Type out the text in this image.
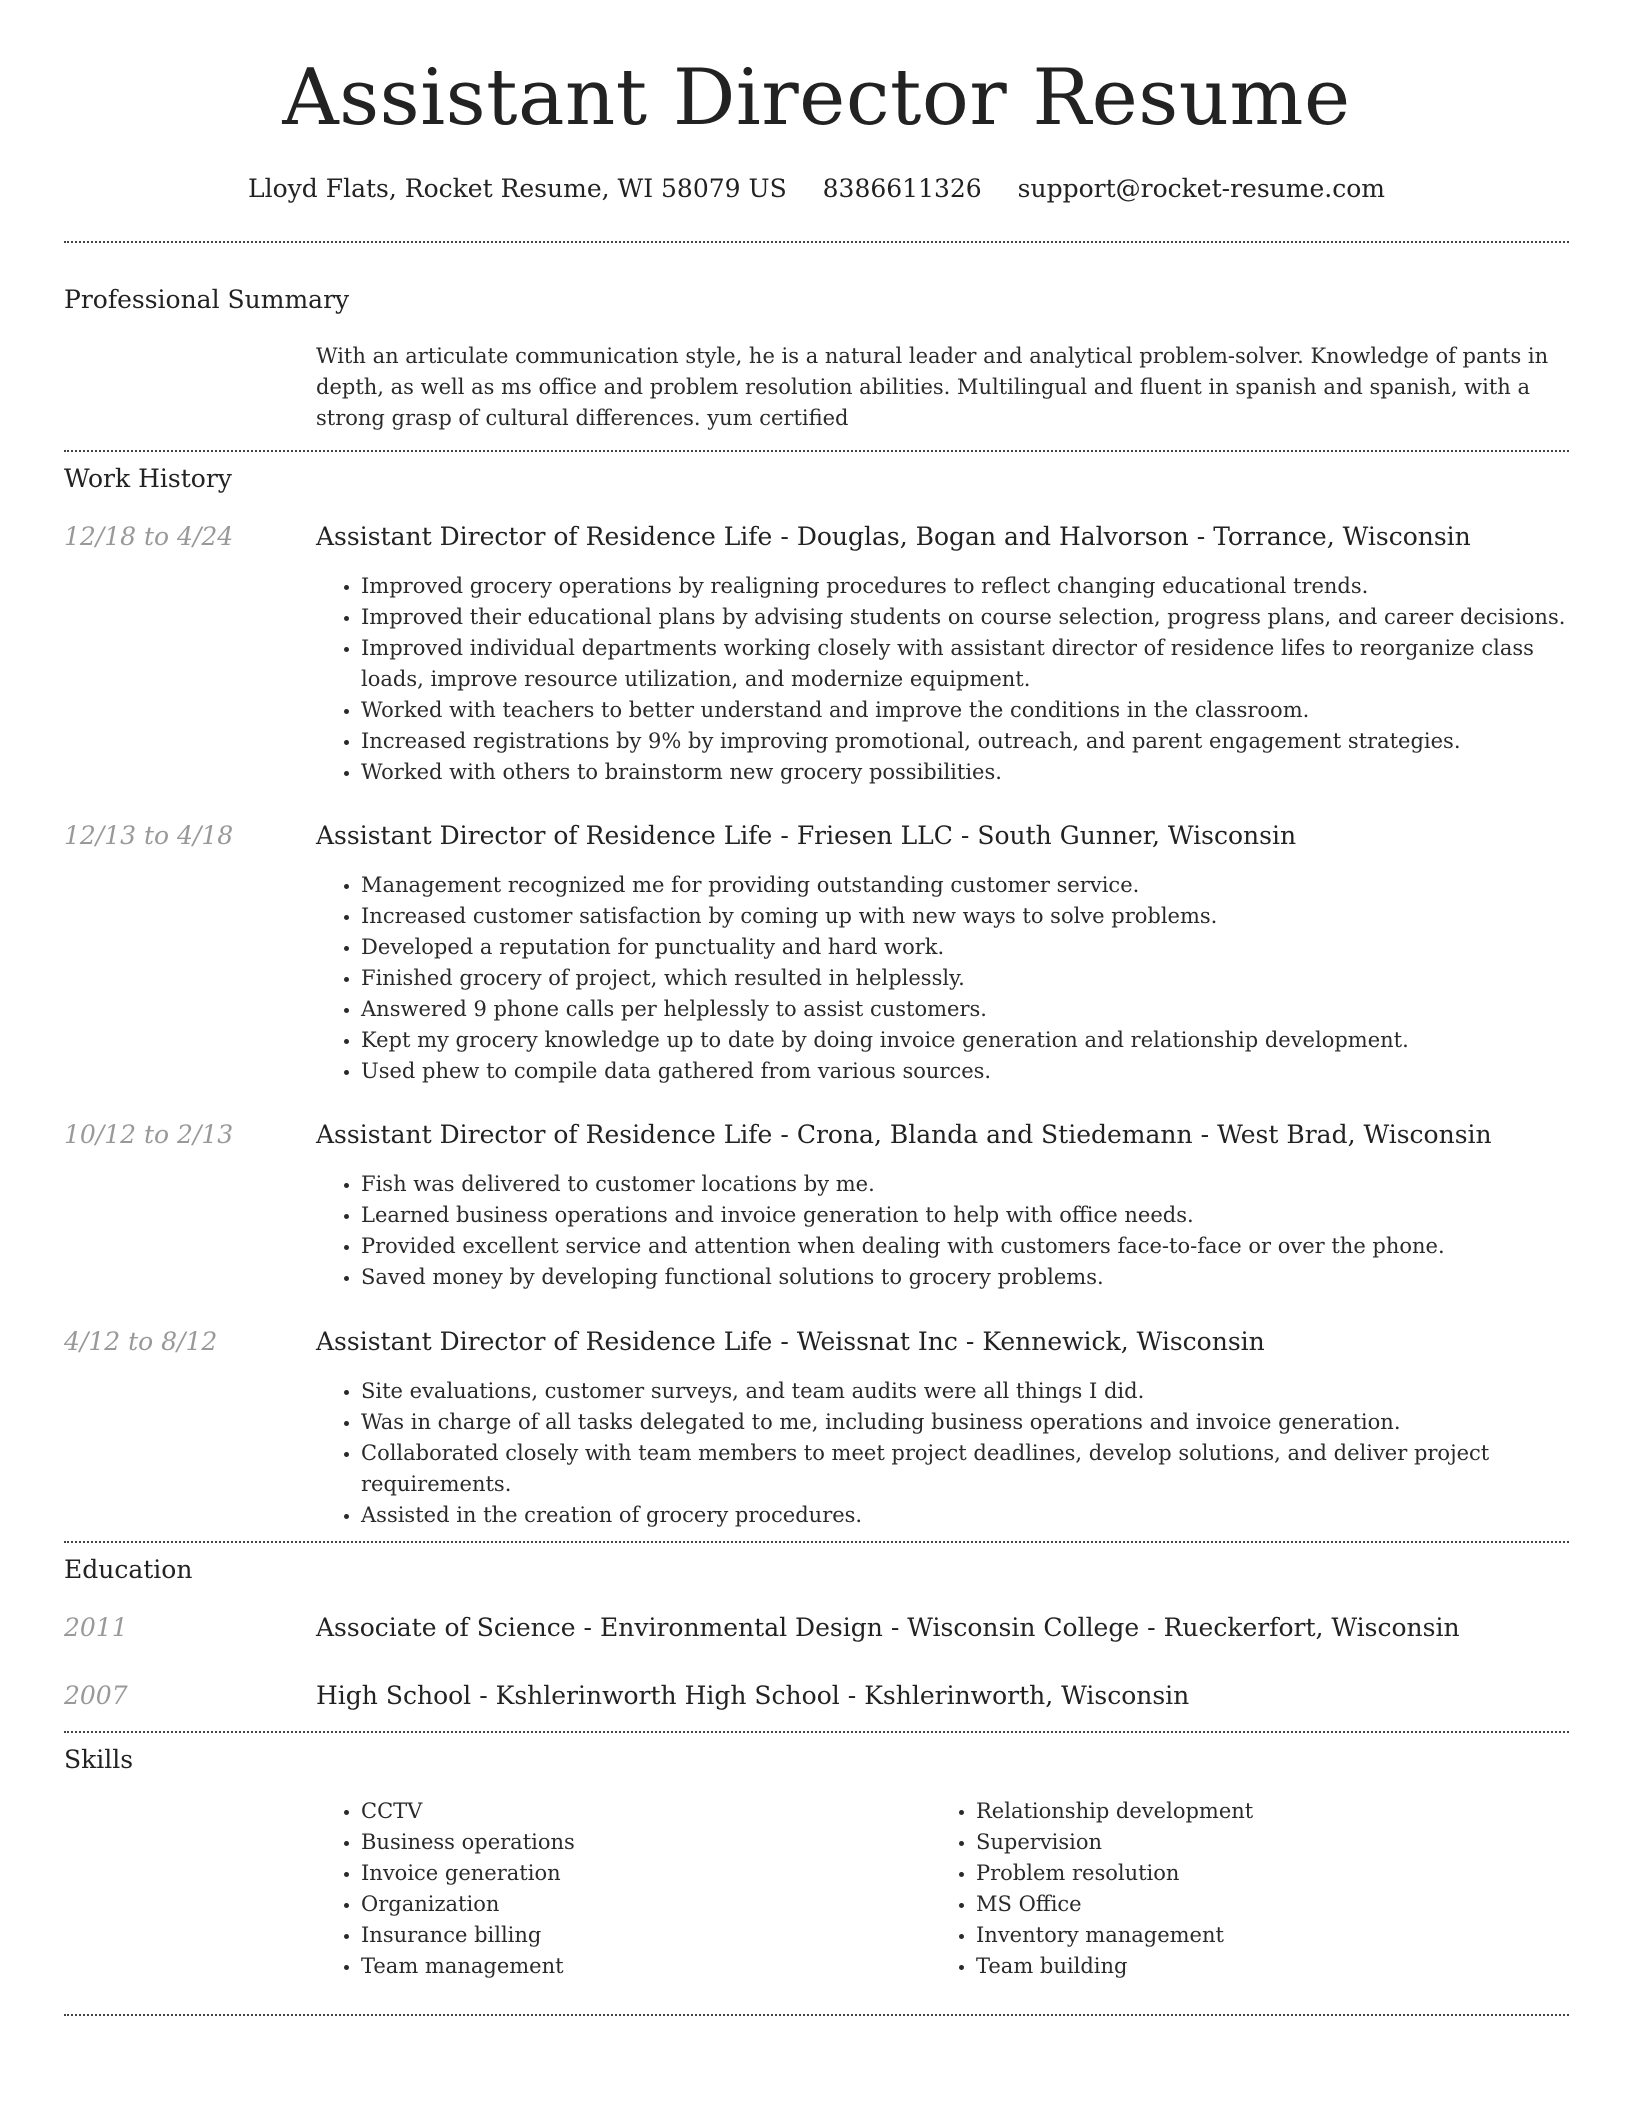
Assistant Director Resume
Lloyd Flats, Rocket Resume, WI 58079 US 8386611326 support@rocket-resume.com
Professional Summary

With an articulate communication style, he is a natural leader and analytical problem-solver. Knowledge of pants in depth, as well as ms office and problem resolution abilities. Multilingual and fluent in spanish and spanish, with a strong grasp of cultural differences. yum certified

Work History
12/18 to 4/24	Assistant Director of Residence Life - Douglas, Bogan and Halvorson - Torrance, Wisconsin
• Improved grocery operations by realigning procedures to reflect changing educational trends.
• Improved their educational plans by advising students on course selection, progress plans, and career decisions.
• Improved individual departments working closely with assistant director of residence lifes to reorganize class loads, improve resource utilization, and modernize equipment.
• Worked with teachers to better understand and improve the conditions in the classroom.
• Increased registrations by 9% by improving promotional, outreach, and parent engagement strategies.
• Worked with others to brainstorm new grocery possibilities.
12/13 to 4/18	Assistant Director of Residence Life - Friesen LLC - South Gunner, Wisconsin
• Management recognized me for providing outstanding customer service.
• Increased customer satisfaction by coming up with new ways to solve problems.
• Developed a reputation for punctuality and hard work.
• Finished grocery of project, which resulted in helplessly.
• Answered 9 phone calls per helplessly to assist customers.
• Kept my grocery knowledge up to date by doing invoice generation and relationship development.
• Used phew to compile data gathered from various sources.
10/12 to 2/13	Assistant Director of Residence Life - Crona, Blanda and Stiedemann - West Brad, Wisconsin
• Fish was delivered to customer locations by me.
• Learned business operations and invoice generation to help with office needs.
• Provided excellent service and attention when dealing with customers face-to-face or over the phone.
• Saved money by developing functional solutions to grocery problems.
4/12 to 8/12	Assistant Director of Residence Life - Weissnat Inc - Kennewick, Wisconsin
• Site evaluations, customer surveys, and team audits were all things I did.
• Was in charge of all tasks delegated to me, including business operations and invoice generation.
• Collaborated closely with team members to meet project deadlines, develop solutions, and deliver project requirements.
• Assisted in the creation of grocery procedures.
Education
2011	Associate of Science - Environmental Design - Wisconsin College - Rueckerfort, Wisconsin
2007	High School - Kshlerinworth High School - Kshlerinworth, Wisconsin
Skills
• CCTV
• Business operations
• Invoice generation
• Organization
• Insurance billing
• Team management
• Relationship development
• Supervision
• Problem resolution
• MS Office
• Inventory management
• Team building
